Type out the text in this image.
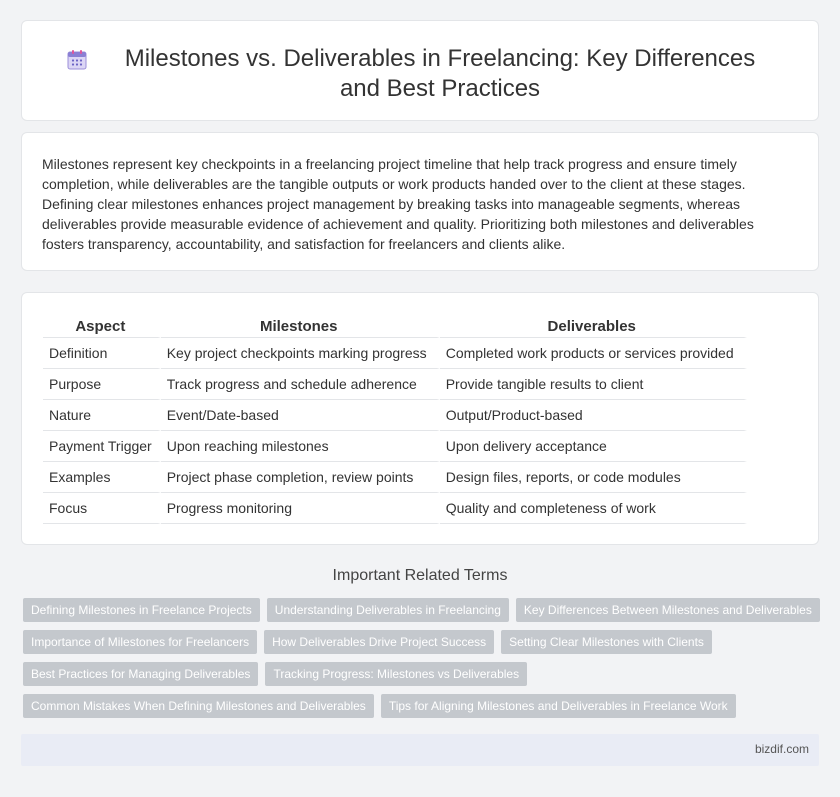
Milestones vs. Deliverables in Freelancing: Key Differences and Best Practices

Milestones represent key checkpoints in a freelancing project timeline that help track progress and ensure timely completion, while deliverables are the tangible outputs or work products handed over to the client at these stages. Defining clear milestones enhances project management by breaking tasks into manageable segments, whereas deliverables provide measurable evidence of achievement and quality. Prioritizing both milestones and deliverables fosters transparency, accountability, and satisfaction for freelancers and clients alike.

Aspect	Milestones	Deliverables
Definition	Key project checkpoints marking progress	Completed work products or services provided
Purpose	Track progress and schedule adherence	Provide tangible results to client
Nature	Event/Date-based	Output/Product-based
Payment Trigger	Upon reaching milestones	Upon delivery acceptance
Examples	Project phase completion, review points	Design files, reports, or code modules
Focus	Progress monitoring	Quality and completeness of work
Important Related Terms
Defining Milestones in Freelance Projects	Understanding Deliverables in Freelancing	Key Differences Between Milestones and Deliverables
Importance of Milestones for Freelancers	How Deliverables Drive Project Success	Setting Clear Milestones with Clients
Best Practices for Managing Deliverables	Tracking Progress: Milestones vs Deliverables
Common Mistakes When Defining Milestones and Deliverables	Tips for Aligning Milestones and Deliverables in Freelance Work
bizdif.com
